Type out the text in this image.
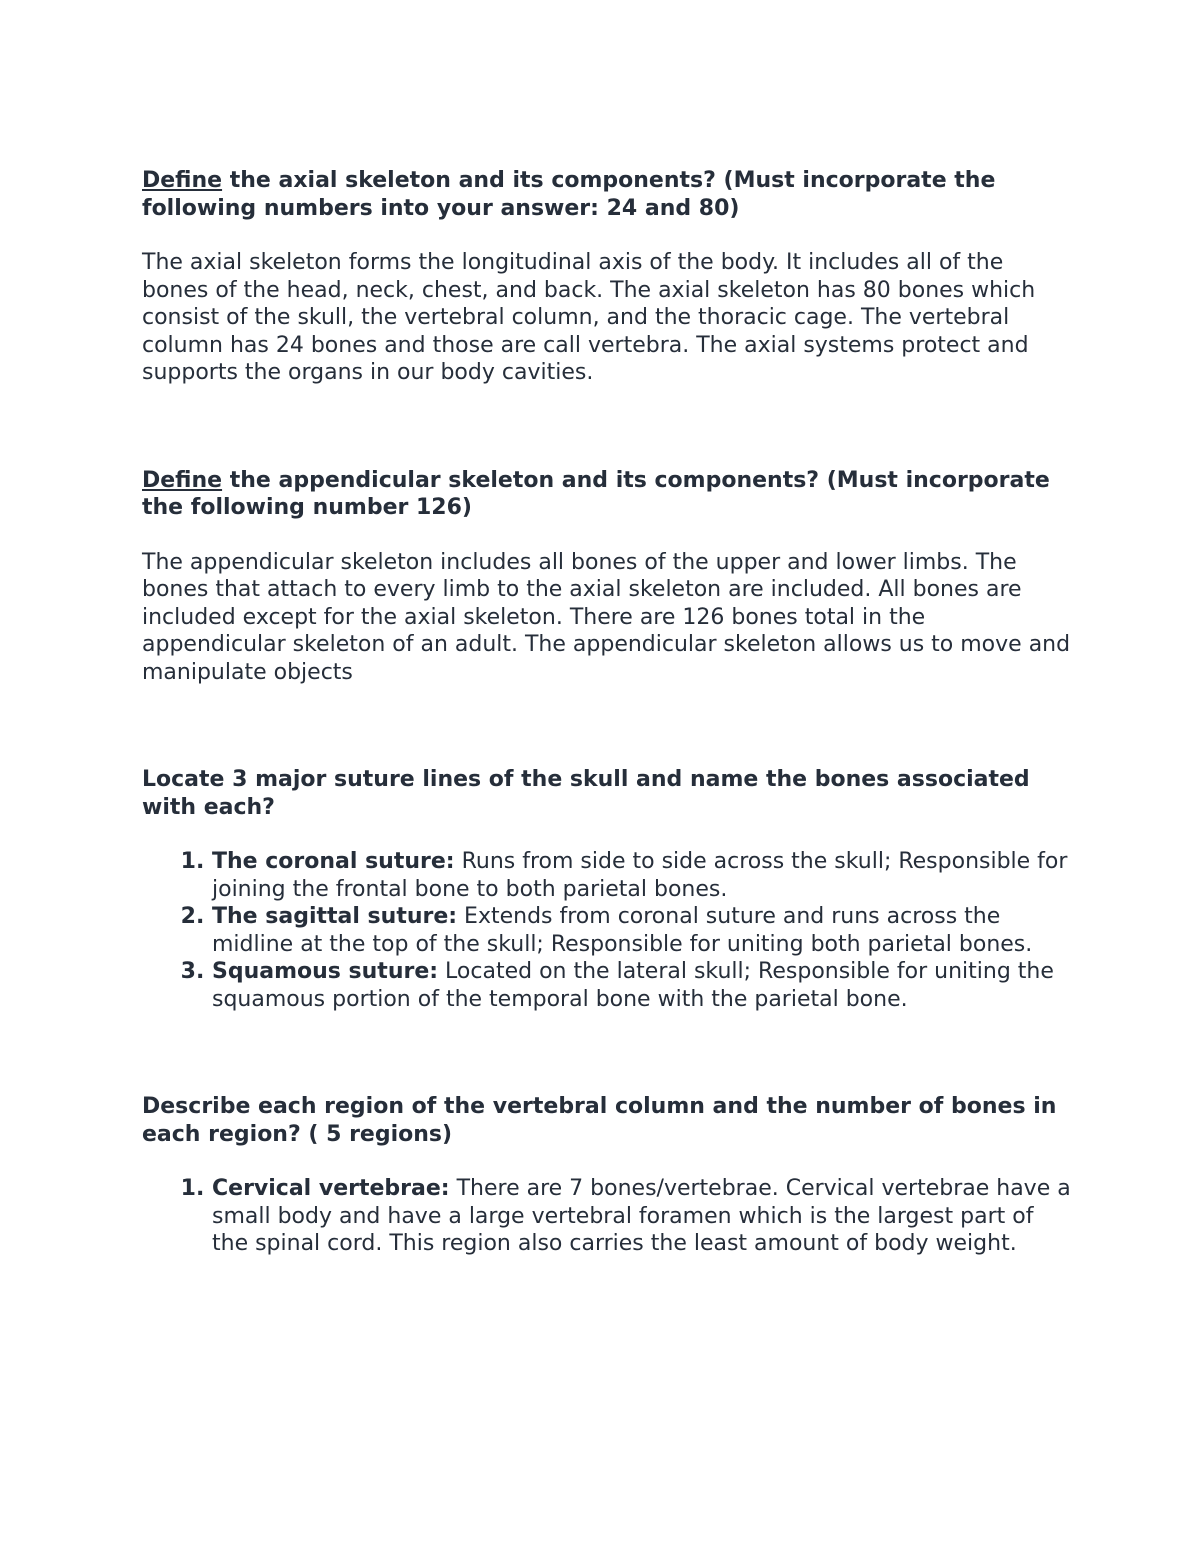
Define the axial skeleton and its components? (Must incorporate the following numbers into your answer: 24 and 80)

The axial skeleton forms the longitudinal axis of the body. It includes all of the bones of the head, neck, chest, and back. The axial skeleton has 80 bones which consist of the skull, the vertebral column, and the thoracic cage. The vertebral column has 24 bones and those are call vertebra. The axial systems protect and supports the organs in our body cavities.

Define the appendicular skeleton and its components? (Must incorporate the following number 126)

The appendicular skeleton includes all bones of the upper and lower limbs. The bones that attach to every limb to the axial skeleton are included. All bones are included except for the axial skeleton. There are 126 bones total in the appendicular skeleton of an adult. The appendicular skeleton allows us to move and manipulate objects

Locate 3 major suture lines of the skull and name the bones associated with each?

1. The coronal suture: Runs from side to side across the skull; Responsible for joining the frontal bone to both parietal bones.
2. The sagittal suture: Extends from coronal suture and runs across the midline at the top of the skull; Responsible for uniting both parietal bones.
3. Squamous suture: Located on the lateral skull; Responsible for uniting the squamous portion of the temporal bone with the parietal bone.

Describe each region of the vertebral column and the number of bones in each region? ( 5 regions)

1. Cervical vertebrae: There are 7 bones/vertebrae. Cervical vertebrae have a small body and have a large vertebral foramen which is the largest part of the spinal cord. This region also carries the least amount of body weight.
